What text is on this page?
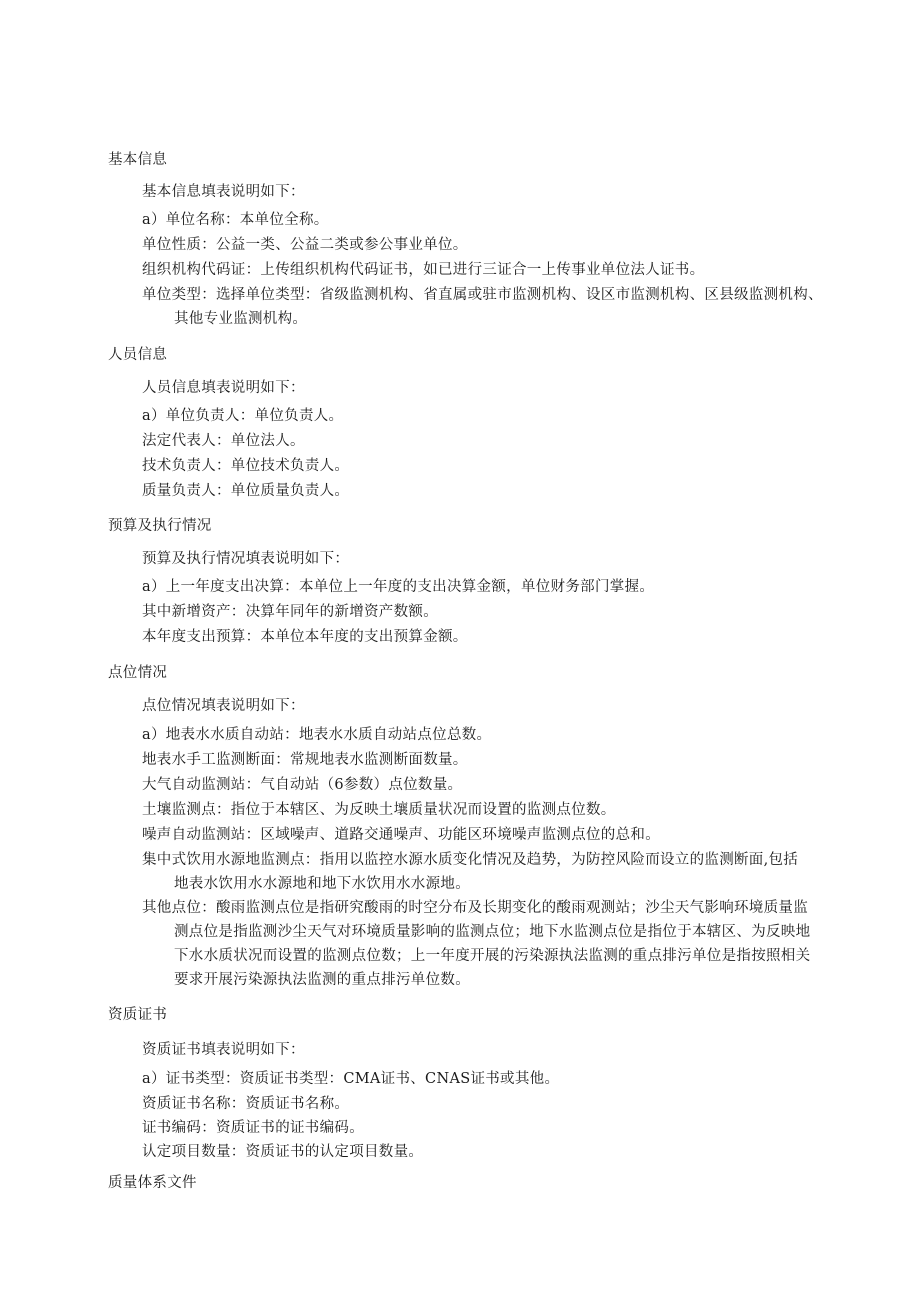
基本信息
基本信息填表说明如下：
a）单位名称：本单位全称。
单位性质：公益一类、公益二类或参公事业单位。
组织机构代码证：上传组织机构代码证书，如已进行三证合一上传事业单位法人证书。
单位类型：选择单位类型：省级监测机构、省直属或驻市监测机构、设区市监测机构、区县级监测机构、
其他专业监测机构。
人员信息
人员信息填表说明如下：
a）单位负责人：单位负责人。
法定代表人：单位法人。
技术负责人：单位技术负责人。
质量负责人：单位质量负责人。
预算及执行情况
预算及执行情况填表说明如下：
a）上一年度支出决算：本单位上一年度的支出决算金额，单位财务部门掌握。
其中新增资产：决算年同年的新增资产数额。
本年度支出预算：本单位本年度的支出预算金额。
点位情况
点位情况填表说明如下：
a）地表水水质自动站：地表水水质自动站点位总数。
地表水手工监测断面：常规地表水监测断面数量。
大气自动监测站：气自动站（6参数）点位数量。
土壤监测点：指位于本辖区、为反映土壤质量状况而设置的监测点位数。
噪声自动监测站：区域噪声、道路交通噪声、功能区环境噪声监测点位的总和。
集中式饮用水源地监测点：指用以监控水源水质变化情况及趋势，为防控风险而设立的监测断面,包括
地表水饮用水水源地和地下水饮用水水源地。
其他点位：酸雨监测点位是指研究酸雨的时空分布及长期变化的酸雨观测站；沙尘天气影响环境质量监
测点位是指监测沙尘天气对环境质量影响的监测点位；地下水监测点位是指位于本辖区、为反映地
下水水质状况而设置的监测点位数；上一年度开展的污染源执法监测的重点排污单位是指按照相关
要求开展污染源执法监测的重点排污单位数。
资质证书
资质证书填表说明如下：
a）证书类型：资质证书类型：CMA证书、CNAS证书或其他。
资质证书名称：资质证书名称。
证书编码：资质证书的证书编码。
认定项目数量：资质证书的认定项目数量。
质量体系文件
